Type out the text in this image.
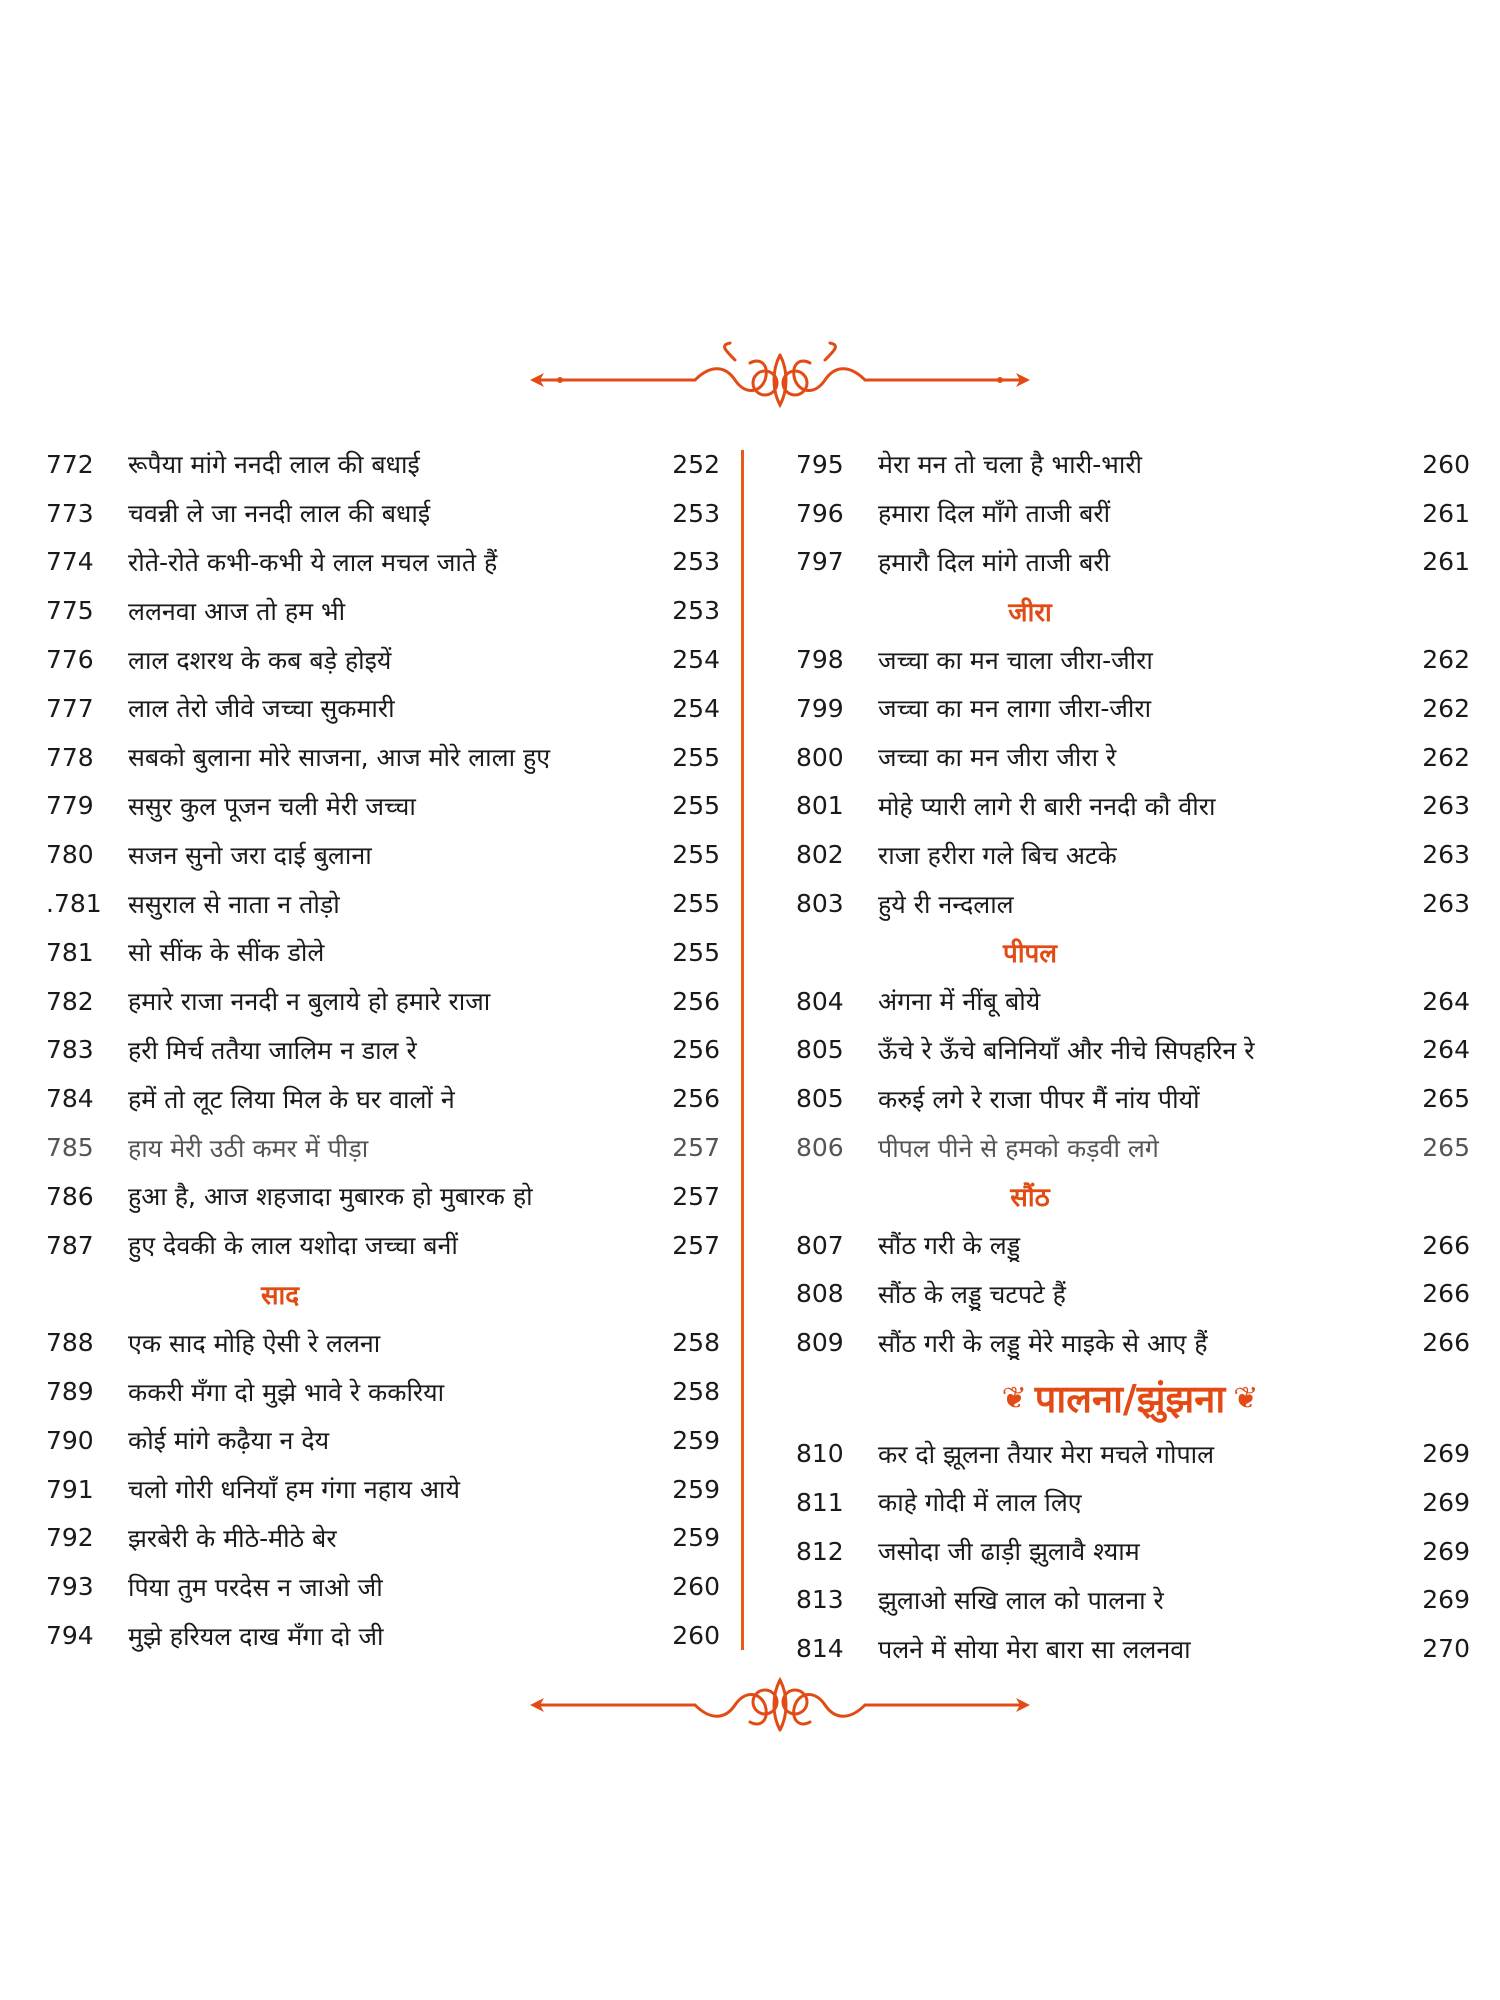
772	रूपैया मांगे ननदी लाल की बधाई	252
773	चवन्नी ले जा ननदी लाल की बधाई	253
774	रोते-रोते कभी-कभी ये लाल मचल जाते हैं	253
775	ललनवा आज तो हम भी	253
776	लाल दशरथ के कब बड़े होइयें	254
777	लाल तेरो जीवे जच्चा सुकमारी	254
778	सबको बुलाना मोरे साजना, आज मोरे लाला हुए	255
779	ससुर कुल पूजन चली मेरी जच्चा	255
780	सजन सुनो जरा दाई बुलाना	255
.781	ससुराल से नाता न तोड़ो	255
781	सो सींक के सींक डोले	255
782	हमारे राजा ननदी न बुलाये हो हमारे राजा	256
783	हरी मिर्च ततैया जालिम न डाल रे	256
784	हमें तो लूट लिया मिल के घर वालों ने	256
785	हाय मेरी उठी कमर में पीड़ा	257
786	हुआ है, आज शहजादा मुबारक हो मुबारक हो	257
787	हुए देवकी के लाल यशोदा जच्चा बनीं	257
साद
788	एक साद मोहि ऐसी रे ललना	258
789	ककरी मँगा दो मुझे भावे रे ककरिया	258
790	कोई मांगे कढ़ैया न देय	259
791	चलो गोरी धनियाँ हम गंगा नहाय आये	259
792	झरबेरी के मीठे-मीठे बेर	259
793	पिया तुम परदेस न जाओ जी	260
794	मुझे हरियल दाख मँगा दो जी	260
795	मेरा मन तो चला है भारी-भारी	260
796	हमारा दिल माँगे ताजी बरीं	261
797	हमारौ दिल मांगे ताजी बरी	261
जीरा
798	जच्चा का मन चाला जीरा-जीरा	262
799	जच्चा का मन लागा जीरा-जीरा	262
800	जच्चा का मन जीरा जीरा रे	262
801	मोहे प्यारी लागे री बारी ननदी कौ वीरा	263
802	राजा हरीरा गले बिच अटके	263
803	हुये री नन्दलाल	263
पीपल
804	अंगना में नींबू बोये	264
805	ऊँचे रे ऊँचे बनिनियाँ और नीचे सिपहरिन रे	264
805	करुई लगे रे राजा पीपर मैं नांय पीयों	265
806	पीपल पीने से हमको कड़वी लगे	265
सौंठ
807	सौंठ गरी के लड्डू	266
808	सौंठ के लड्डू चटपटे हैं	266
809	सौंठ गरी के लड्डू मेरे माइके से आए हैं	266
❦ पालना/झुंझना ❦
810	कर दो झूलना तैयार मेरा मचले गोपाल	269
811	काहे गोदी में लाल लिए	269
812	जसोदा जी ढाड़ी झुलावै श्याम	269
813	झुलाओ सखि लाल को पालना रे	269
814	पलने में सोया मेरा बारा सा ललनवा	270
